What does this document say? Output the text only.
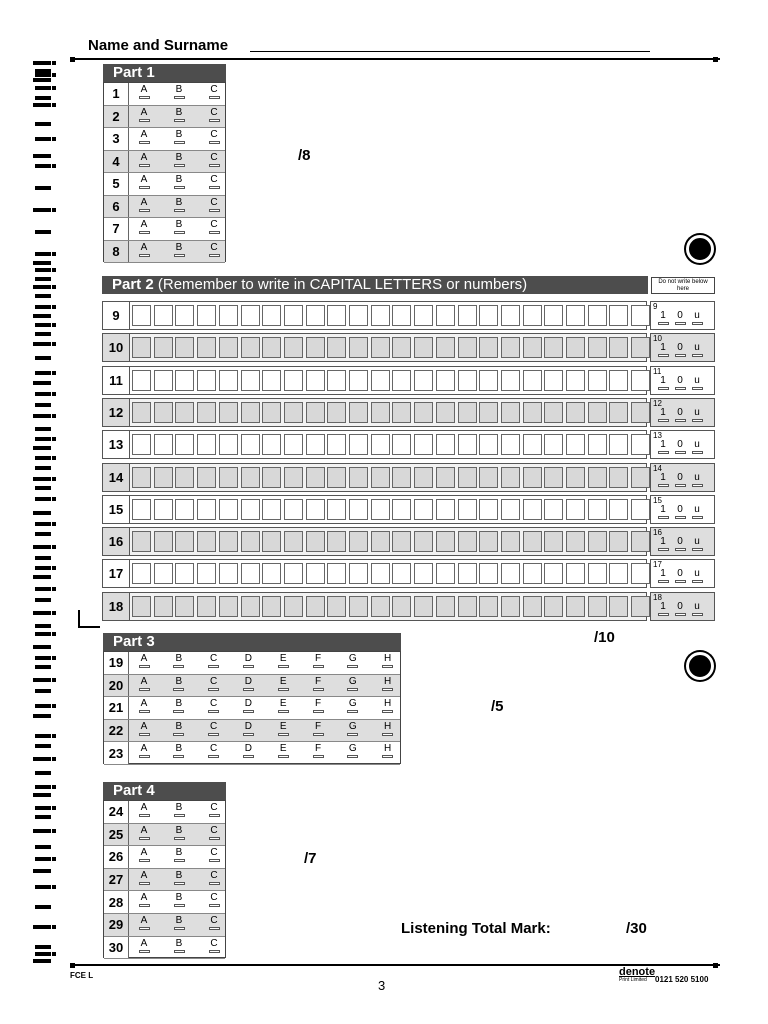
Name and Surname
Part 1
1	A	B	C
2	A	B	C
3	A	B	C
4	A	B	C
5	A	B	C
6	A	B	C
7	A	B	C
8	A	B	C
/8
Part 2 (Remember to write in CAPITAL LETTERS or numbers)	Do not write below here
9
9
1	0	u
10
10
1	0	u
11
11
1	0	u
12
12
1	0	u
13
13
1	0	u
14
14
1	0	u
15
15
1	0	u
16
16
1	0	u
17
17
1	0	u
18
18
1	0	u
/10
Part 3
19	A	B	C	D	E	F	G	H
20	A	B	C	D	E	F	G	H
21	A	B	C	D	E	F	G	H
22	A	B	C	D	E	F	G	H
23	A	B	C	D	E	F	G	H
/5
Part 4
24	A	B	C
25	A	B	C
26	A	B	C
27	A	B	C
28	A	B	C
29	A	B	C
30	A	B	C
/7
Listening Total Mark:	/30
FCE L
3
denote
Print Limited 0121 520 5100
